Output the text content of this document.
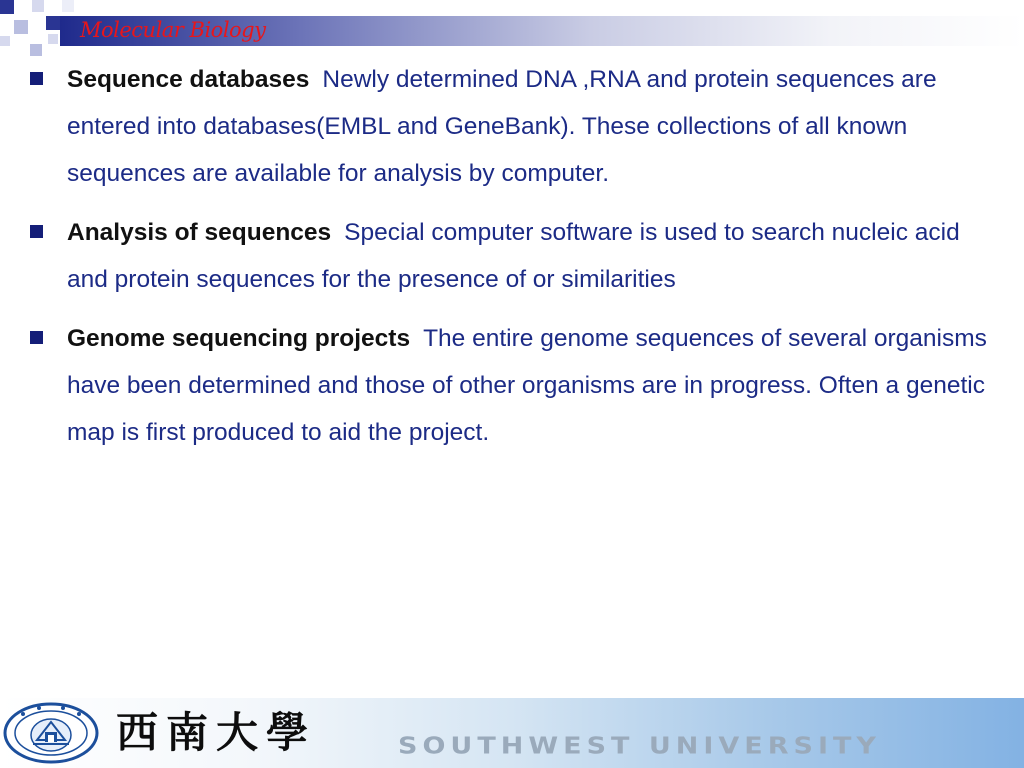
Molecular Biology
Sequence databases Newly determined DNA ,RNA and protein sequences are entered into databases(EMBL and GeneBank). These collections of all known sequences are available for analysis by computer.
Analysis of sequences Special computer software is used to search nucleic acid and protein sequences for the presence of or similarities
Genome sequencing projects The entire genome sequences of several organisms have been determined and those of other organisms are in progress. Often a genetic map is first produced to aid the project.
西南大學	SOUTHWEST UNIVERSITY
